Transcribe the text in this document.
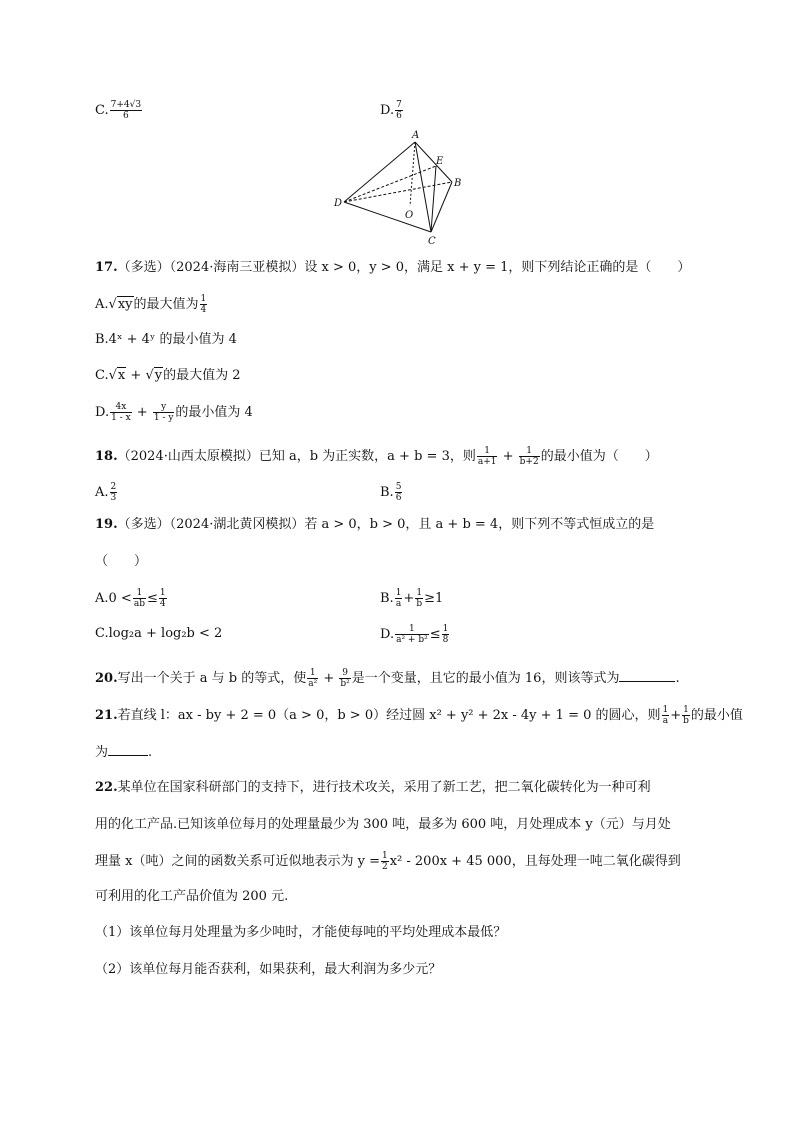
C. $\frac{7+4√3}{6}$	D. $\frac{7}{6}$
A
E
B
D
O
C
17.（多选）（2024·海南三亚模拟）设 x > 0，y > 0，满足 x + y = 1，则下列结论正确的是（　　）
A.√xy的最大值为 $\frac{1}{4}$
B.4ˣ + 4ʸ 的最小值为 4
C.√x + √y的最大值为 2
D. $\frac{4x}{1 - x} + \frac{y}{1 - y}$ 的最小值为 4
18.（2024·山西太原模拟）已知 a，b 为正实数，a + b = 3，则 $\frac{1}{a+1} + \frac{1}{b+2}$ 的最小值为（　　）
A. $\frac{2}{3}$	B. $\frac{5}{6}$
19.（多选）（2024·湖北黄冈模拟）若 a > 0，b > 0，且 a + b = 4，则下列不等式恒成立的是
（　　）
$A.0 < \frac{1}{ab} \le \frac{1}{4}$	B. $\frac{1}{a} + \frac{1}{b} \ge 1$
C.log₂a + log₂b < 2	D. $\frac{1}{\text{a² + b²}} \le \frac{1}{8}$
20.写出一个关于 a 与 b 的等式，使 $\frac{1}{\text{a²}} + \frac{9}{\text{b²}}$ 是一个变量，且它的最小值为 16，则该等式为	.
21.若直线 l：ax - by + 2 = 0（a > 0，b > 0）经过圆 x² + y² + 2x - 4y + 1 = 0 的圆心，则 $\frac{1}{a} + \frac{1}{b}$ 的最小值
为	.
22.某单位在国家科研部门的支持下，进行技术攻关，采用了新工艺，把二氧化碳转化为一种可利
用的化工产品.已知该单位每月的处理量最少为 300 吨，最多为 600 吨，月处理成本 y（元）与月处
理量 x（吨）之间的函数关系可近似地表示为 $y = \frac{1}{2} x^2 - 200x + 45$ 000，且每处理一吨二氧化碳得到
可利用的化工产品价值为 200 元.
（1）该单位每月处理量为多少吨时，才能使每吨的平均处理成本最低？
（2）该单位每月能否获利，如果获利，最大利润为多少元？
